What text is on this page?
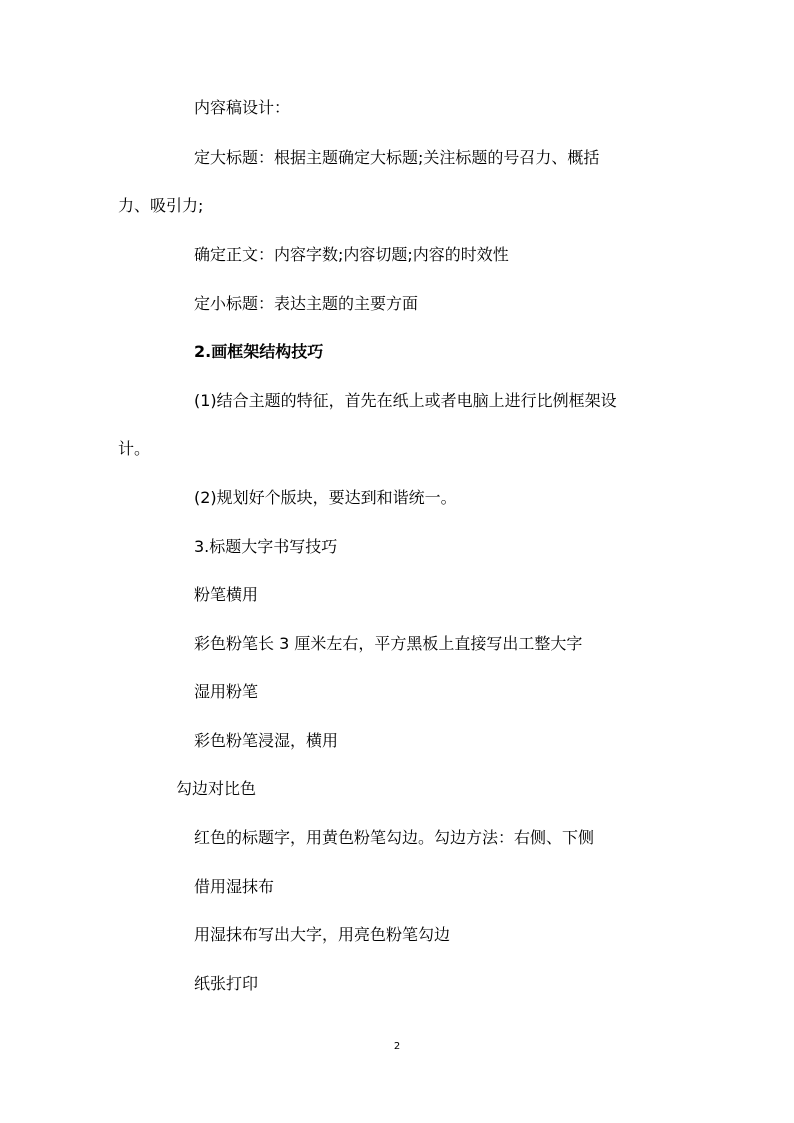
内容稿设计：

定大标题：根据主题确定大标题;关注标题的号召力、概括

力、吸引力;

确定正文：内容字数;内容切题;内容的时效性

定小标题：表达主题的主要方面

2.画框架结构技巧

(1)结合主题的特征，首先在纸上或者电脑上进行比例框架设

计。

(2)规划好个版块，要达到和谐统一。

3.标题大字书写技巧

粉笔横用

彩色粉笔长 3 厘米左右，平方黑板上直接写出工整大字

湿用粉笔

彩色粉笔浸湿，横用

勾边对比色

红色的标题字，用黄色粉笔勾边。勾边方法：右侧、下侧

借用湿抹布

用湿抹布写出大字，用亮色粉笔勾边

纸张打印

2
